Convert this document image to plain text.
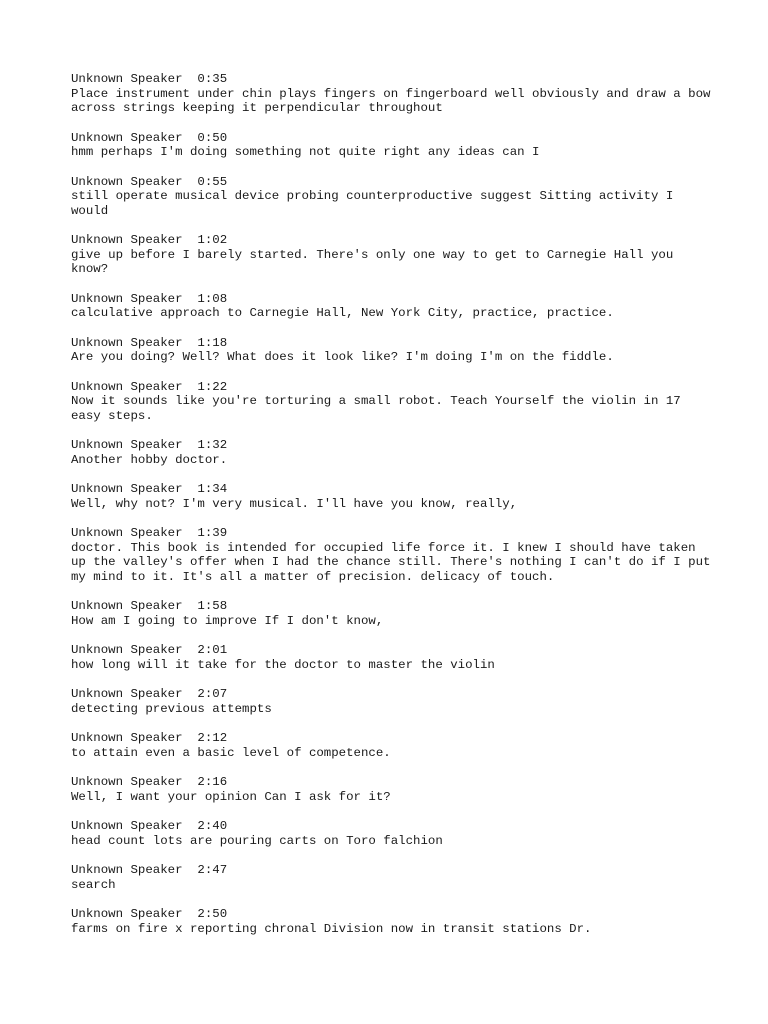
Unknown Speaker 0:35
Place instrument under chin plays fingers on fingerboard well obviously and draw a bow across strings keeping it perpendicular throughout
Unknown Speaker 0:50
hmm perhaps I'm doing something not quite right any ideas can I
Unknown Speaker 0:55
still operate musical device probing counterproductive suggest Sitting activity I would
Unknown Speaker 1:02
give up before I barely started. There's only one way to get to Carnegie Hall you know?
Unknown Speaker 1:08
calculative approach to Carnegie Hall, New York City, practice, practice.
Unknown Speaker 1:18
Are you doing? Well? What does it look like? I'm doing I'm on the fiddle.
Unknown Speaker 1:22
Now it sounds like you're torturing a small robot. Teach Yourself the violin in 17 easy steps.
Unknown Speaker 1:32
Another hobby doctor.
Unknown Speaker 1:34
Well, why not? I'm very musical. I'll have you know, really,
Unknown Speaker 1:39
doctor. This book is intended for occupied life force it. I knew I should have taken up the valley's offer when I had the chance still. There's nothing I can't do if I put my mind to it. It's all a matter of precision. delicacy of touch.
Unknown Speaker 1:58
How am I going to improve If I don't know,
Unknown Speaker 2:01
how long will it take for the doctor to master the violin
Unknown Speaker 2:07
detecting previous attempts
Unknown Speaker 2:12
to attain even a basic level of competence.
Unknown Speaker 2:16
Well, I want your opinion Can I ask for it?
Unknown Speaker 2:40
head count lots are pouring carts on Toro falchion
Unknown Speaker 2:47
search
Unknown Speaker 2:50
farms on fire x reporting chronal Division now in transit stations Dr.
